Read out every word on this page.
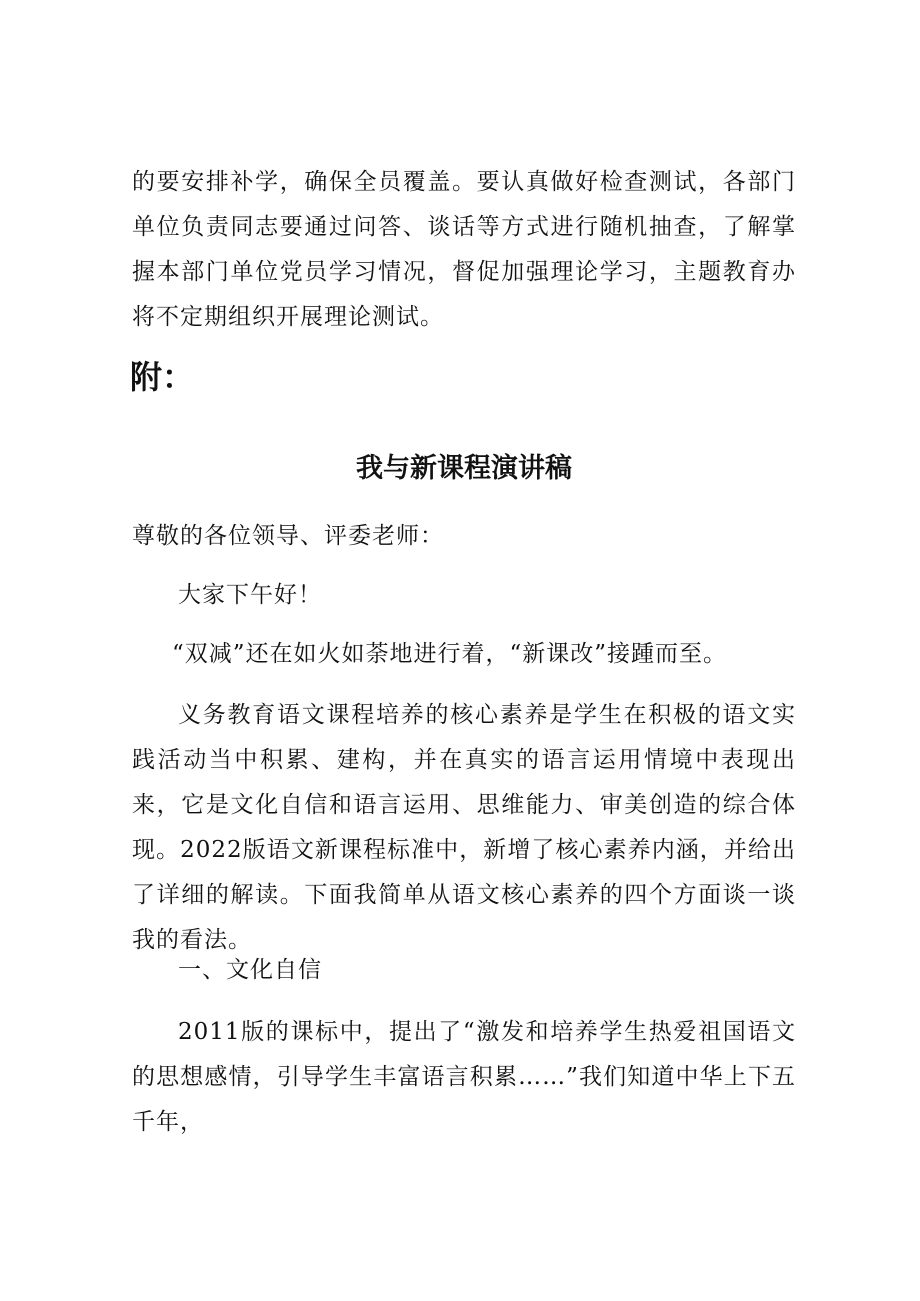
的要安排补学，确保全员覆盖。要认真做好检查测试，各部门单位负责同志要通过问答、谈话等方式进行随机抽查，了解掌握本部门单位党员学习情况，督促加强理论学习，主题教育办将不定期组织开展理论测试。

附：
我与新课程演讲稿

尊敬的各位领导、评委老师：

大家下午好！

“双减”还在如火如荼地进行着，“新课改”接踵而至。

义务教育语文课程培养的核心素养是学生在积极的语文实践活动当中积累、建构，并在真实的语言运用情境中表现出来，它是文化自信和语言运用、思维能力、审美创造的综合体现。2022版语文新课程标准中，新增了核心素养内涵，并给出了详细的解读。下面我简单从语文核心素养的四个方面谈一谈我的看法。

一、文化自信

2011版的课标中，提出了“激发和培养学生热爱祖国语文的思想感情，引导学生丰富语言积累……”我们知道中华上下五千年，
